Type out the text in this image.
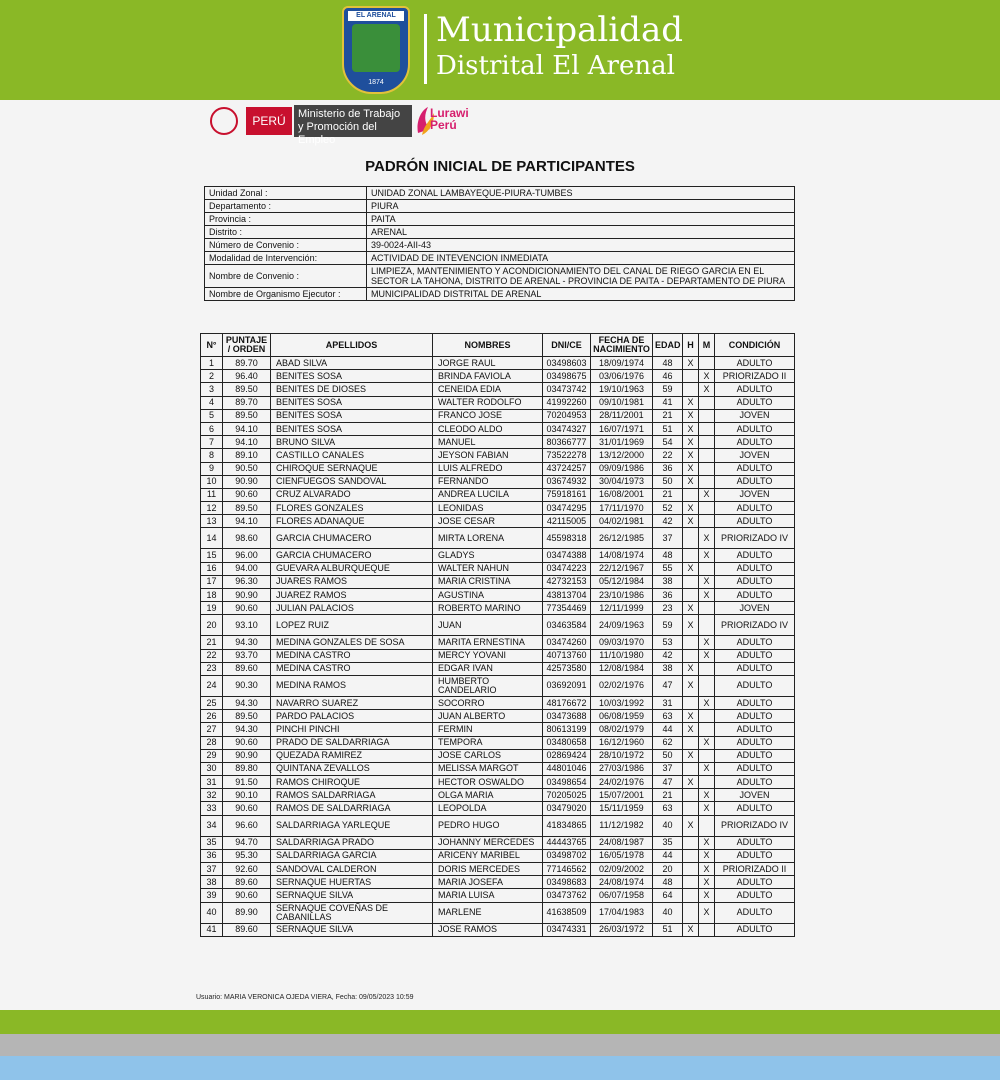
EL ARENAL
1874
Municipalidad
Distrital El Arenal
PERÚ	Ministerio de Trabajo y Promoción del Empleo
Lurawi
Perú
PADRÓN INICIAL DE PARTICIPANTES
Unidad Zonal :	UNIDAD ZONAL LAMBAYEQUE-PIURA-TUMBES
Departamento :	PIURA
Provincia :	PAITA
Distrito :	ARENAL
Número de Convenio :	39-0024-AII-43
Modalidad de Intervención:	ACTIVIDAD DE INTEVENCION INMEDIATA
Nombre de Convenio :	LIMPIEZA, MANTENIMIENTO Y ACONDICIONAMIENTO DEL CANAL DE RIEGO GARCIA EN EL SECTOR LA TAHONA, DISTRITO DE ARENAL - PROVINCIA DE PAITA - DEPARTAMENTO DE PIURA
Nombre de Organismo Ejecutor :	MUNICIPALIDAD DISTRITAL DE ARENAL
N°	PUNTAJE / ORDEN	APELLIDOS	NOMBRES	DNI/CE	FECHA DE NACIMIENTO	EDAD	H	M	CONDICIÓN
1	89.70	ABAD SILVA	JORGE RAUL	03498603	18/09/1974	48	X		ADULTO
2	96.40	BENITES SOSA	BRINDA FAVIOLA	03498675	03/06/1976	46		X	PRIORIZADO II
3	89.50	BENITES DE DIOSES	CENEIDA EDIA	03473742	19/10/1963	59		X	ADULTO
4	89.70	BENITES SOSA	WALTER RODOLFO	41992260	09/10/1981	41	X		ADULTO
5	89.50	BENITES SOSA	FRANCO JOSE	70204953	28/11/2001	21	X		JOVEN
6	94.10	BENITES SOSA	CLEODO ALDO	03474327	16/07/1971	51	X		ADULTO
7	94.10	BRUNO SILVA	MANUEL	80366777	31/01/1969	54	X		ADULTO
8	89.10	CASTILLO CANALES	JEYSON FABIAN	73522278	13/12/2000	22	X		JOVEN
9	90.50	CHIROQUE SERNAQUE	LUIS ALFREDO	43724257	09/09/1986	36	X		ADULTO
10	90.90	CIENFUEGOS SANDOVAL	FERNANDO	03674932	30/04/1973	50	X		ADULTO
11	90.60	CRUZ ALVARADO	ANDREA LUCILA	75918161	16/08/2001	21		X	JOVEN
12	89.50	FLORES GONZALES	LEONIDAS	03474295	17/11/1970	52	X		ADULTO
13	94.10	FLORES ADANAQUE	JOSE CESAR	42115005	04/02/1981	42	X		ADULTO
14	98.60	GARCIA CHUMACERO	MIRTA LORENA	45598318	26/12/1985	37		X	PRIORIZADO IV
15	96.00	GARCIA CHUMACERO	GLADYS	03474388	14/08/1974	48		X	ADULTO
16	94.00	GUEVARA ALBURQUEQUE	WALTER NAHUN	03474223	22/12/1967	55	X		ADULTO
17	96.30	JUARES RAMOS	MARIA CRISTINA	42732153	05/12/1984	38		X	ADULTO
18	90.90	JUAREZ RAMOS	AGUSTINA	43813704	23/10/1986	36		X	ADULTO
19	90.60	JULIAN PALACIOS	ROBERTO MARINO	77354469	12/11/1999	23	X		JOVEN
20	93.10	LOPEZ RUIZ	JUAN	03463584	24/09/1963	59	X		PRIORIZADO IV
21	94.30	MEDINA GONZALES DE SOSA	MARITA ERNESTINA	03474260	09/03/1970	53		X	ADULTO
22	93.70	MEDINA CASTRO	MERCY YOVANI	40713760	11/10/1980	42		X	ADULTO
23	89.60	MEDINA CASTRO	EDGAR IVAN	42573580	12/08/1984	38	X		ADULTO
24	90.30	MEDINA RAMOS	HUMBERTO CANDELARIO	03692091	02/02/1976	47	X		ADULTO
25	94.30	NAVARRO SUAREZ	SOCORRO	48176672	10/03/1992	31		X	ADULTO
26	89.50	PARDO PALACIOS	JUAN ALBERTO	03473688	06/08/1959	63	X		ADULTO
27	94.30	PINCHI PINCHI	FERMIN	80613199	08/02/1979	44	X		ADULTO
28	90.60	PRADO DE SALDARRIAGA	TEMPORA	03480658	16/12/1960	62		X	ADULTO
29	90.90	QUEZADA RAMIREZ	JOSE CARLOS	02869424	28/10/1972	50	X		ADULTO
30	89.80	QUINTANA ZEVALLOS	MELISSA MARGOT	44801046	27/03/1986	37		X	ADULTO
31	91.50	RAMOS CHIROQUE	HECTOR OSWALDO	03498654	24/02/1976	47	X		ADULTO
32	90.10	RAMOS SALDARRIAGA	OLGA MARIA	70205025	15/07/2001	21		X	JOVEN
33	90.60	RAMOS DE SALDARRIAGA	LEOPOLDA	03479020	15/11/1959	63		X	ADULTO
34	96.60	SALDARRIAGA YARLEQUE	PEDRO HUGO	41834865	11/12/1982	40	X		PRIORIZADO IV
35	94.70	SALDARRIAGA PRADO	JOHANNY MERCEDES	44443765	24/08/1987	35		X	ADULTO
36	95.30	SALDARRIAGA GARCIA	ARICENY MARIBEL	03498702	16/05/1978	44		X	ADULTO
37	92.60	SANDOVAL CALDERON	DORIS MERCEDES	77146562	02/09/2002	20		X	PRIORIZADO II
38	89.60	SERNAQUE HUERTAS	MARIA JOSEFA	03498683	24/08/1974	48		X	ADULTO
39	90.60	SERNAQUE SILVA	MARIA LUISA	03473762	06/07/1958	64		X	ADULTO
40	89.90	SERNAQUE COVEÑAS DE CABANILLAS	MARLENE	41638509	17/04/1983	40		X	ADULTO
41	89.60	SERNAQUE SILVA	JOSE RAMOS	03474331	26/03/1972	51	X		ADULTO
Usuario: MARIA VERONICA OJEDA VIERA, Fecha: 09/05/2023 10:59
